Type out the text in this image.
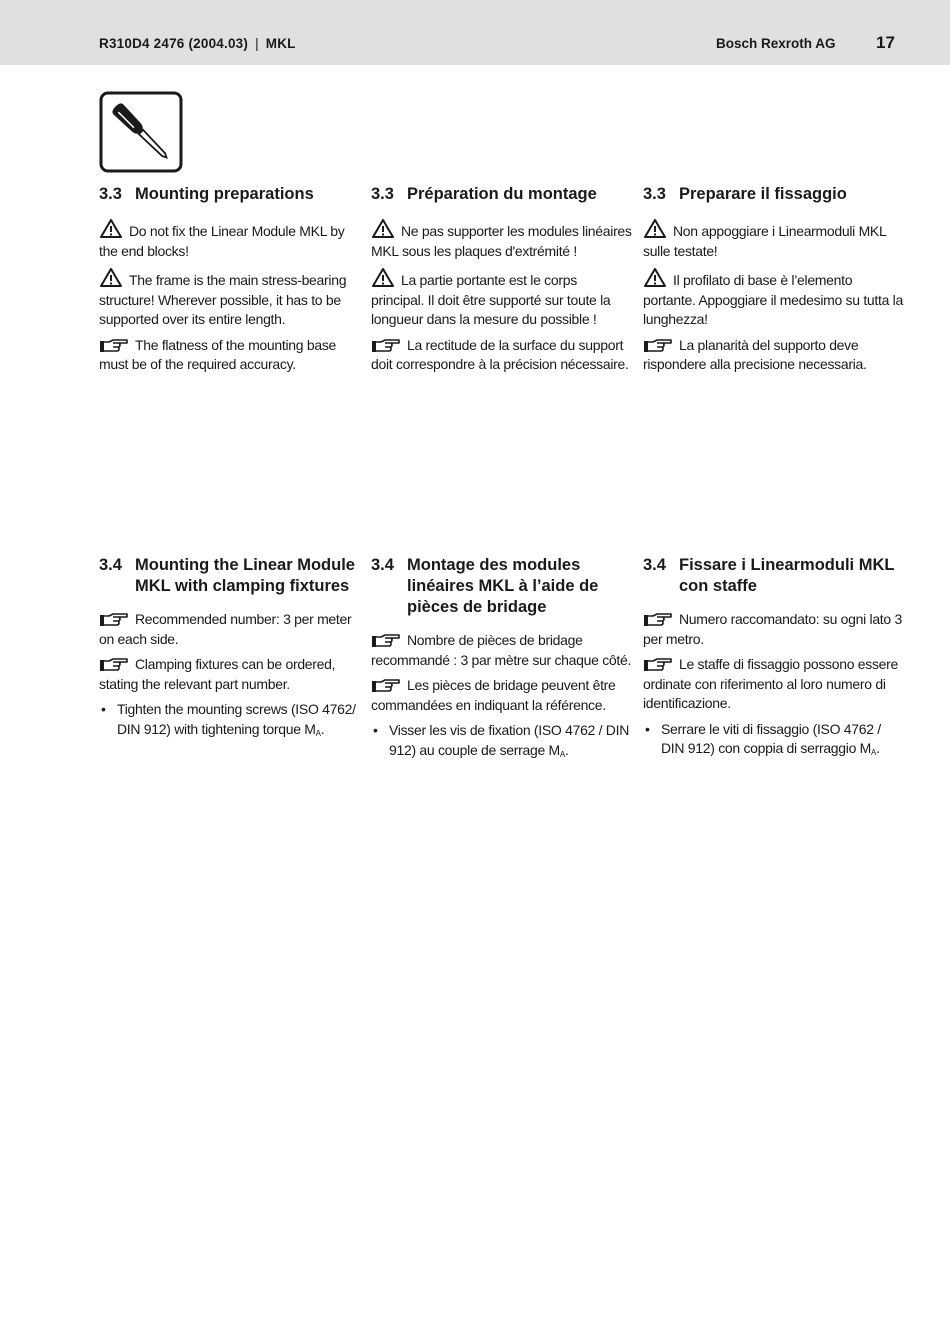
R310D4 2476 (2004.03) | MKL	Bosch Rexroth AG 17
3.3 Mounting preparations

Do not fix the Linear Module MKL by the end blocks!

The frame is the main stress-bearing structure! Wherever possible, it has to be supported over its entire length.

The flatness of the mounting base must be of the required accuracy.

3.3 Préparation du montage

Ne pas supporter les modules linéaires MKL sous les plaques d'extrémité !

La partie portante est le corps principal. Il doit être supporté sur toute la longueur dans la mesure du possible !

La rectitude de la surface du support doit correspondre à la précision nécessaire.

3.3 Preparare il fissaggio

Non appoggiare i Linearmoduli MKL sulle testate!

Il profilato di base è l’elemento portante. Appoggiare il medesimo su tutta la lunghezza!

La planarità del supporto deve rispondere alla precisione necessaria.

3.4 Mounting the Linear Module MKL with clamping fixtures

Recommended number: 3 per meter on each side.

Clamping fixtures can be ordered, stating the relevant part number.

• Tighten the mounting screws (ISO 4762/ DIN 912) with tightening torque $M_A$.
3.4 Montage des modules linéaires MKL à l’aide de pièces de bridage

Nombre de pièces de bridage recommandé : 3 par mètre sur chaque côté.

Les pièces de bridage peuvent être commandées en indiquant la référence.

• Visser les vis de fixation (ISO 4762 / DIN 912) au couple de serrage $M_A$.
3.4 Fissare i Linearmoduli MKL con staffe

Numero raccomandato: su ogni lato 3 per metro.

Le staffe di fissaggio possono essere ordinate con riferimento al loro numero di identificazione.

• Serrare le viti di fissaggio (ISO 4762 / DIN 912) con coppia di serraggio $M_A$.
